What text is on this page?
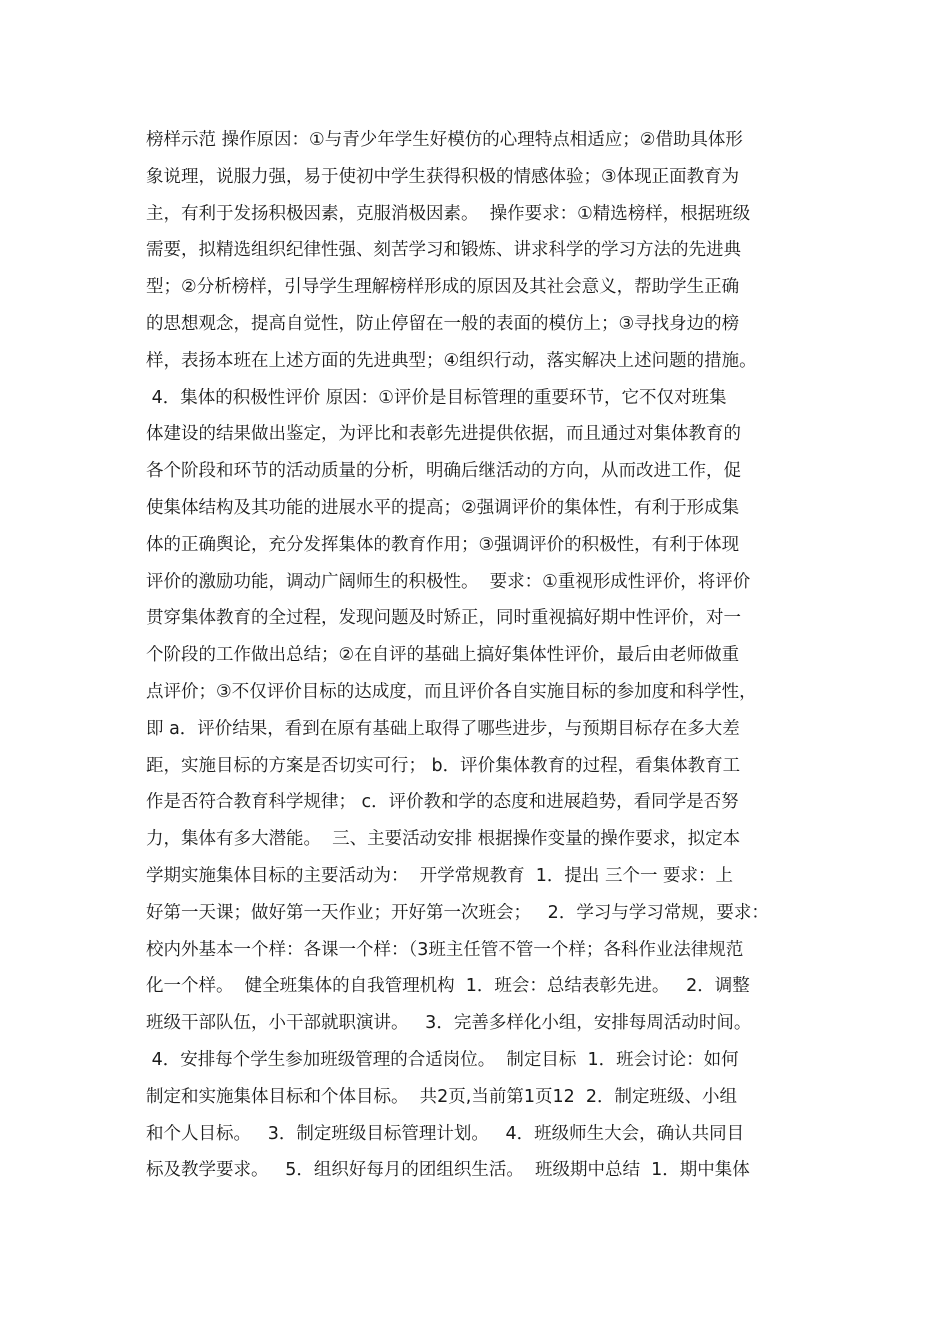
榜样示范 操作原因：①与青少年学生好模仿的心理特点相适应；②借助具体形
象说理，说服力强，易于使初中学生获得积极的情感体验；③体现正面教育为
主，有利于发扬积极因素，克服消极因素。  操作要求：①精选榜样，根据班级
需要，拟精选组织纪律性强、刻苦学习和锻炼、讲求科学的学习方法的先进典
型；②分析榜样，引导学生理解榜样形成的原因及其社会意义，帮助学生正确
的思想观念，提高自觉性，防止停留在一般的表面的模仿上；③寻找身边的榜
样，表扬本班在上述方面的先进典型；④组织行动，落实解决上述问题的措施。
4．集体的积极性评价 原因：①评价是目标管理的重要环节，它不仅对班集
体建设的结果做出鉴定，为评比和表彰先进提供依据，而且通过对集体教育的
各个阶段和环节的活动质量的分析，明确后继活动的方向，从而改进工作，促
使集体结构及其功能的进展水平的提高；②强调评价的集体性，有利于形成集
体的正确舆论，充分发挥集体的教育作用；③强调评价的积极性，有利于体现
评价的激励功能，调动广阔师生的积极性。  要求：①重视形成性评价，将评价
贯穿集体教育的全过程，发现问题及时矫正，同时重视搞好期中性评价，对一
个阶段的工作做出总结；②在自评的基础上搞好集体性评价，最后由老师做重
点评价；③不仅评价目标的达成度，而且评价各自实施目标的参加度和科学性，
即 a．评价结果，看到在原有基础上取得了哪些进步，与预期目标存在多大差
距，实施目标的方案是否切实可行； b．评价集体教育的过程，看集体教育工
作是否符合教育科学规律； c．评价教和学的态度和进展趋势，看同学是否努
力，集体有多大潜能。  三、主要活动安排 根据操作变量的操作要求，拟定本
学期实施集体目标的主要活动为：  开学常规教育  1．提出 三个一 要求：上
好第一天课；做好第一天作业；开好第一次班会；   2．学习与学习常规，要求：
校内外基本一个样：各课一个样：（3班主任管不管一个样；各科作业法律规范
化一个样。  健全班集体的自我管理机构  1．班会：总结表彰先进。   2．调整
班级干部队伍，小干部就职演讲。   3．完善多样化小组，安排每周活动时间。
4．安排每个学生参加班级管理的合适岗位。  制定目标  1．班会讨论：如何
制定和实施集体目标和个体目标。  共2页,当前第1页12  2．制定班级、小组
和个人目标。   3．制定班级目标管理计划。   4．班级师生大会，确认共同目
标及教学要求。   5．组织好每月的团组织生活。  班级期中总结  1．期中集体
